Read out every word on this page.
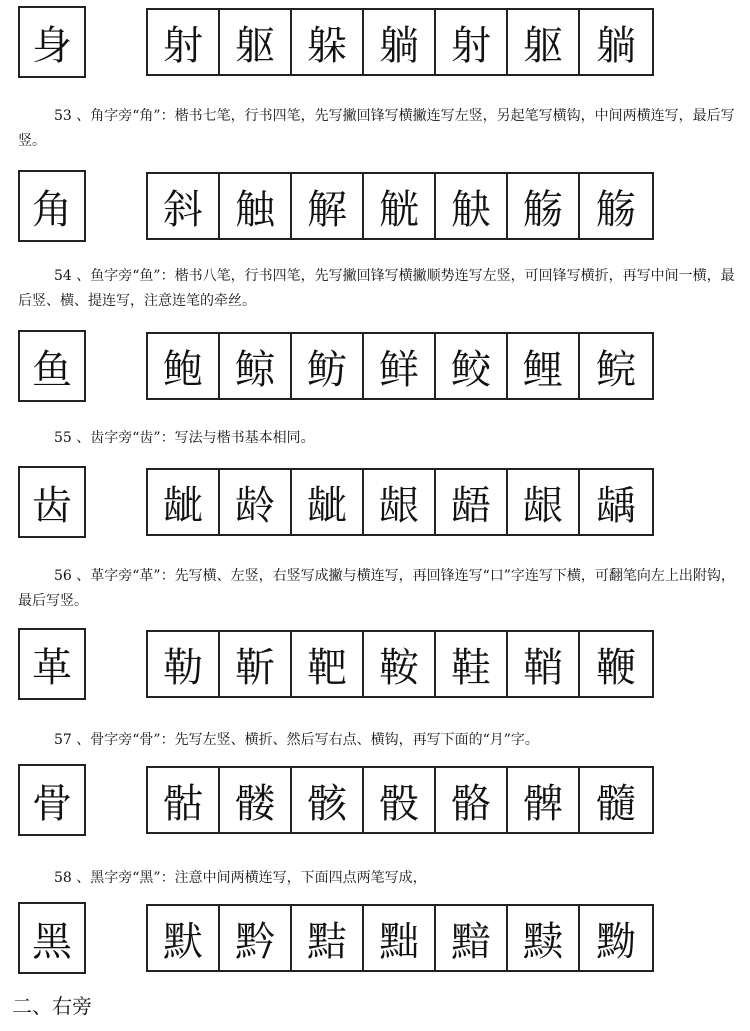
身	射 躯 躲 躺 射 躯 躺

53 、角字旁“角”：楷书七笔，行书四笔，先写撇回锋写横撇连写左竖，另起笔写横钩，中间两横连写，最后写竖。

角	斜 触 解 觥 觖 觞 觞

54 、鱼字旁“鱼”：楷书八笔，行书四笔，先写撇回锋写横撇顺势连写左竖，可回锋写横折，再写中间一横，最后竖、横、提连写，注意连笔的牵丝。

鱼	鲍 鲸 鲂 鲜 鲛 鲤 鲩

55 、齿字旁“齿”：写法与楷书基本相同。

齿	龇 龄 龇 龈 龉 龈 龋

56 、革字旁“革”：先写横、左竖，右竖写成撇与横连写，再回锋连写“口”字连写下横，可翻笔向左上出附钩，最后写竖。

革	勒 靳 靶 鞍 鞋 鞘 鞭

57 、骨字旁“骨”：先写左竖、横折、然后写右点、横钩，再写下面的“月”字。

骨	骷 髅 骸 骰 骼 髀 髓

58 、黑字旁“黑”：注意中间两横连写，下面四点两笔写成，

黑	默 黔 黠 黜 黯 黩 黝
二、右旁
